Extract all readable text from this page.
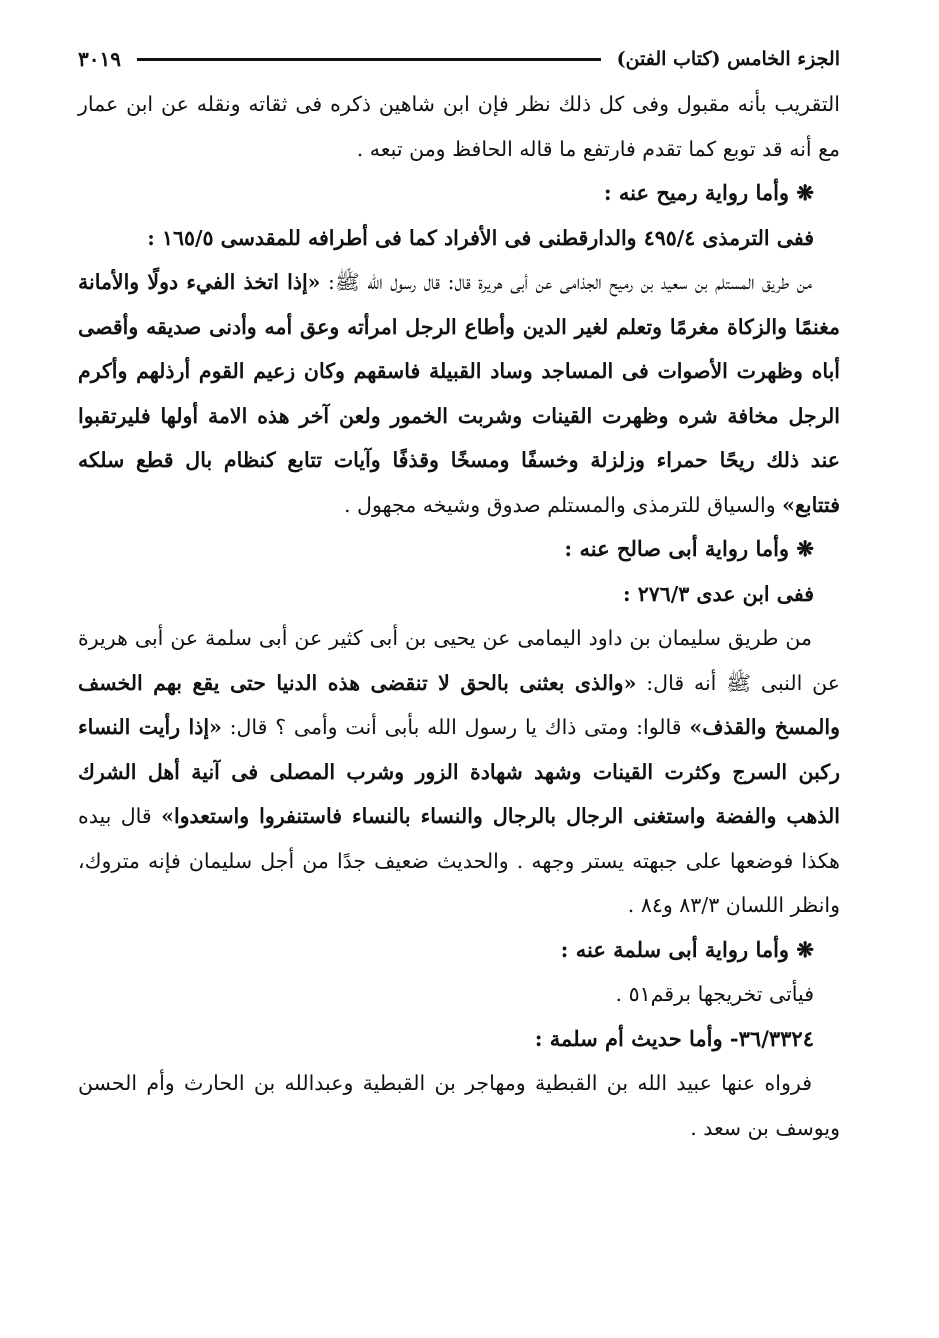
الجزء الخامس (كتاب الفتن)
٣٠١٩

التقريب بأنه مقبول وفى كل ذلك نظر فإن ابن شاهين ذكره فى ثقاته ونقله عن ابن عمار مع أنه قد توبع كما تقدم فارتفع ما قاله الحافظ ومن تبعه .

❋ وأما رواية رميح عنه :

ففى الترمذى ٤٩٥/٤ والدارقطنى فى الأفراد كما فى أطرافه للمقدسى ١٦٥/٥ :

من طريق المستلم بن سعيد بن رميح الجذامى عن أبى هريرة قال: قال رسول الله ﷺ: «إذا اتخذ الفيء دولًا والأمانة مغنمًا والزكاة مغرمًا وتعلم لغير الدين وأطاع الرجل امرأته وعق أمه وأدنى صديقه وأقصى أباه وظهرت الأصوات فى المساجد وساد القبيلة فاسقهم وكان زعيم القوم أرذلهم وأكرم الرجل مخافة شره وظهرت القينات وشربت الخمور ولعن آخر هذه الامة أولها فليرتقبوا عند ذلك ريحًا حمراء وزلزلة وخسفًا ومسخًا وقذفًا وآيات تتابع كنظام بال قطع سلكه فتتابع» والسياق للترمذى والمستلم صدوق وشيخه مجهول .

❋ وأما رواية أبى صالح عنه :

ففى ابن عدى ٢٧٦/٣ :

من طريق سليمان بن داود اليمامى عن يحيى بن أبى كثير عن أبى سلمة عن أبى هريرة عن النبى ﷺ أنه قال: «والذى بعثنى بالحق لا تنقضى هذه الدنيا حتى يقع بهم الخسف والمسخ والقذف» قالوا: ومتى ذاك يا رسول الله بأبى أنت وأمى ؟ قال: «إذا رأيت النساء ركبن السرج وكثرت القينات وشهد شهادة الزور وشرب المصلى فى آنية أهل الشرك الذهب والفضة واستغنى الرجال بالرجال والنساء بالنساء فاستنفروا واستعدوا» قال بيده هكذا فوضعها على جبهته يستر وجهه . والحديث ضعيف جدًا من أجل سليمان فإنه متروك، وانظر اللسان ٨٣/٣ و٨٤ .

❋ وأما رواية أبى سلمة عنه :

فيأتى تخريجها برقم٥١ .

٣٦/٣٣٢٤- وأما حديث أم سلمة :

فرواه عنها عبيد الله بن القبطية ومهاجر بن القبطية وعبدالله بن الحارث وأم الحسن ويوسف بن سعد .
